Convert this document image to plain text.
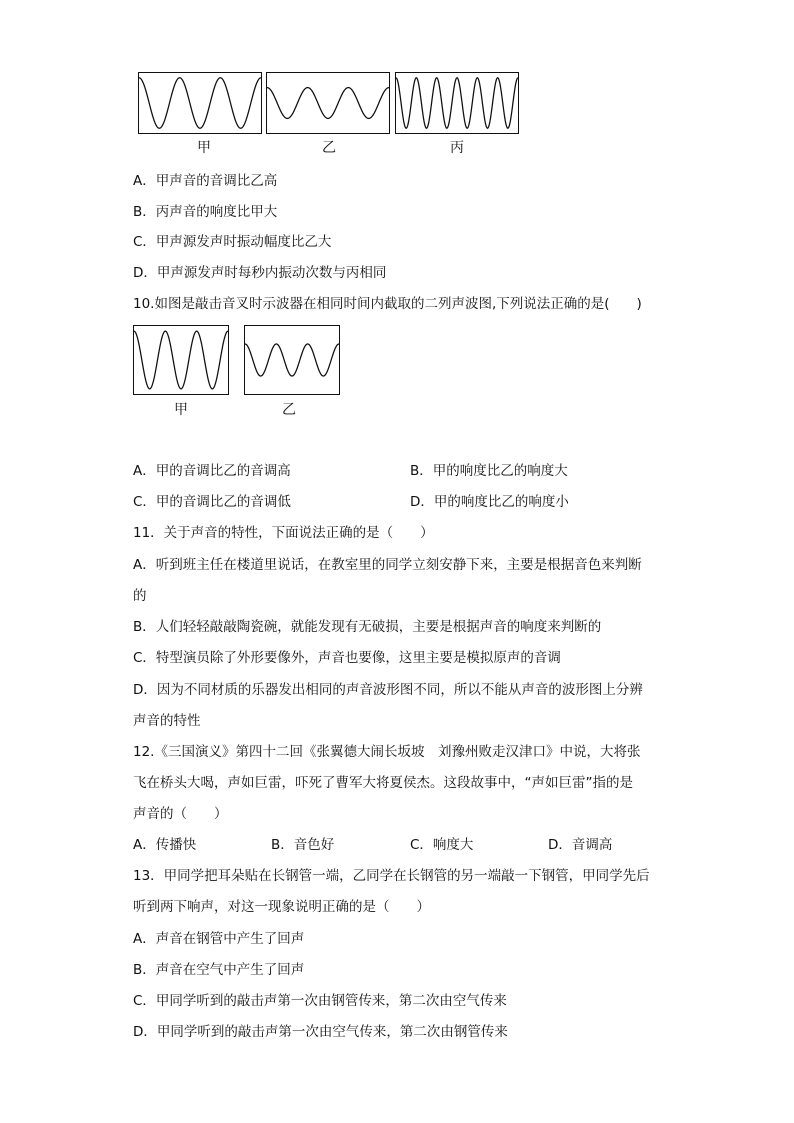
甲	乙	丙
A．甲声音的音调比乙高
B．丙声音的响度比甲大
C．甲声源发声时振动幅度比乙大
D．甲声源发声时每秒内振动次数与丙相同
10.如图是敲击音叉时示波器在相同时间内截取的二列声波图,下列说法正确的是(　　)
甲	乙
A．甲的音调比乙的音调高	B．甲的响度比乙的响度大
C．甲的音调比乙的音调低	D．甲的响度比乙的响度小
11．关于声音的特性，下面说法正确的是（　　）
A．听到班主任在楼道里说话，在教室里的同学立刻安静下来，主要是根据音色来判断
的
B．人们轻轻敲敲陶瓷碗，就能发现有无破损，主要是根据声音的响度来判断的
C．特型演员除了外形要像外，声音也要像，这里主要是模拟原声的音调
D．因为不同材质的乐器发出相同的声音波形图不同，所以不能从声音的波形图上分辨
声音的特性
12.《三国演义》第四十二回《张翼德大闹长坂坡　刘豫州败走汉津口》中说，大将张
飞在桥头大喝，声如巨雷，吓死了曹军大将夏侯杰。这段故事中，“声如巨雷”指的是
声音的（　　）
A．传播快	B．音色好	C．响度大	D．音调高
13．甲同学把耳朵贴在长钢管一端，乙同学在长钢管的另一端敲一下钢管，甲同学先后
听到两下响声，对这一现象说明正确的是（　　）
A．声音在钢管中产生了回声
B．声音在空气中产生了回声
C．甲同学听到的敲击声第一次由钢管传来，第二次由空气传来
D．甲同学听到的敲击声第一次由空气传来，第二次由钢管传来
